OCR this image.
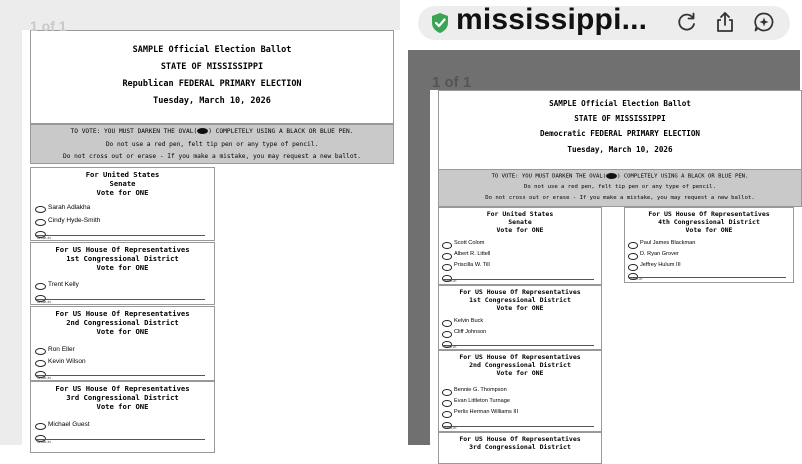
SAMPLE Official Election Ballot
STATE OF MISSISSIPPI
Republican FEDERAL PRIMARY ELECTION
Tuesday, March 10, 2026
TO VOTE: YOU MUST DARKEN THE OVAL( ) COMPLETELY USING A BLACK OR BLUE PEN.
Do not use a red pen, felt tip pen or any type of pencil.
Do not cross out or erase - If you make a mistake, you may request a new ballot.
For United States
Senate
Vote for ONE
Sarah Adlakha
Cindy Hyde-Smith
Write-in
For US House Of Representatives
1st Congressional District
Vote for ONE
Trent Kelly
Write-in
For US House Of Representatives
2nd Congressional District
Vote for ONE
Ron Eller
Kevin Wilson
Write-in
For US House Of Representatives
3rd Congressional District
Vote for ONE
Michael Guest
Write-in
1 of 1	mississippi...
SAMPLE Official Election Ballot
STATE OF MISSISSIPPI
Democratic FEDERAL PRIMARY ELECTION
Tuesday, March 10, 2026
TO VOTE: YOU MUST DARKEN THE OVAL( ) COMPLETELY USING A BLACK OR BLUE PEN.
Do not use a red pen, felt tip pen or any type of pencil.
Do not cross out or erase - If you make a mistake, you may request a new ballot.
For United States
Senate
Vote for ONE
Scott Colom
Albert R. Littell
Priscilla W. Till
Write-in
For US House Of Representatives
1st Congressional District
Vote for ONE
Kelvin Buck
Cliff Johnson
Write-in
For US House Of Representatives
2nd Congressional District
Vote for ONE
Bennie G. Thompson
Evan Littleton Turnage
Perlis Herman Williams III
Write-in
For US House Of Representatives
3rd Congressional District
For US House Of Representatives
4th Congressional District
Vote for ONE
Paul James Blackman
D. Ryan Grover
Jeffrey Hulum III
Write-in
1 of 1
